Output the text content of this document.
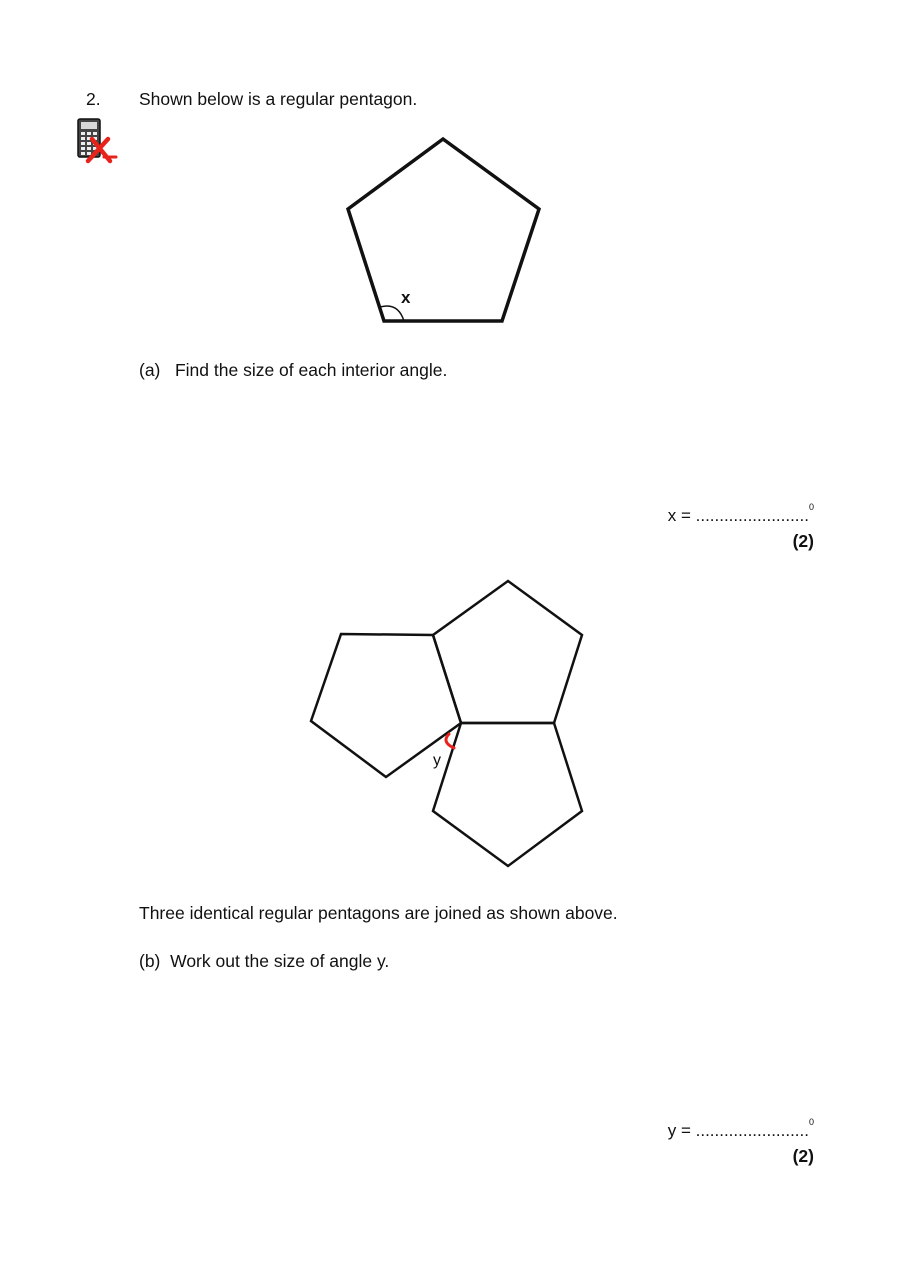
2. Shown below is a regular pentagon.
x
(a)   Find the size of each interior angle.
x = ........................$^0$
(2)
y
Three identical regular pentagons are joined as shown above.
(b)  Work out the size of angle y.
y = ........................$^0$
(2)
